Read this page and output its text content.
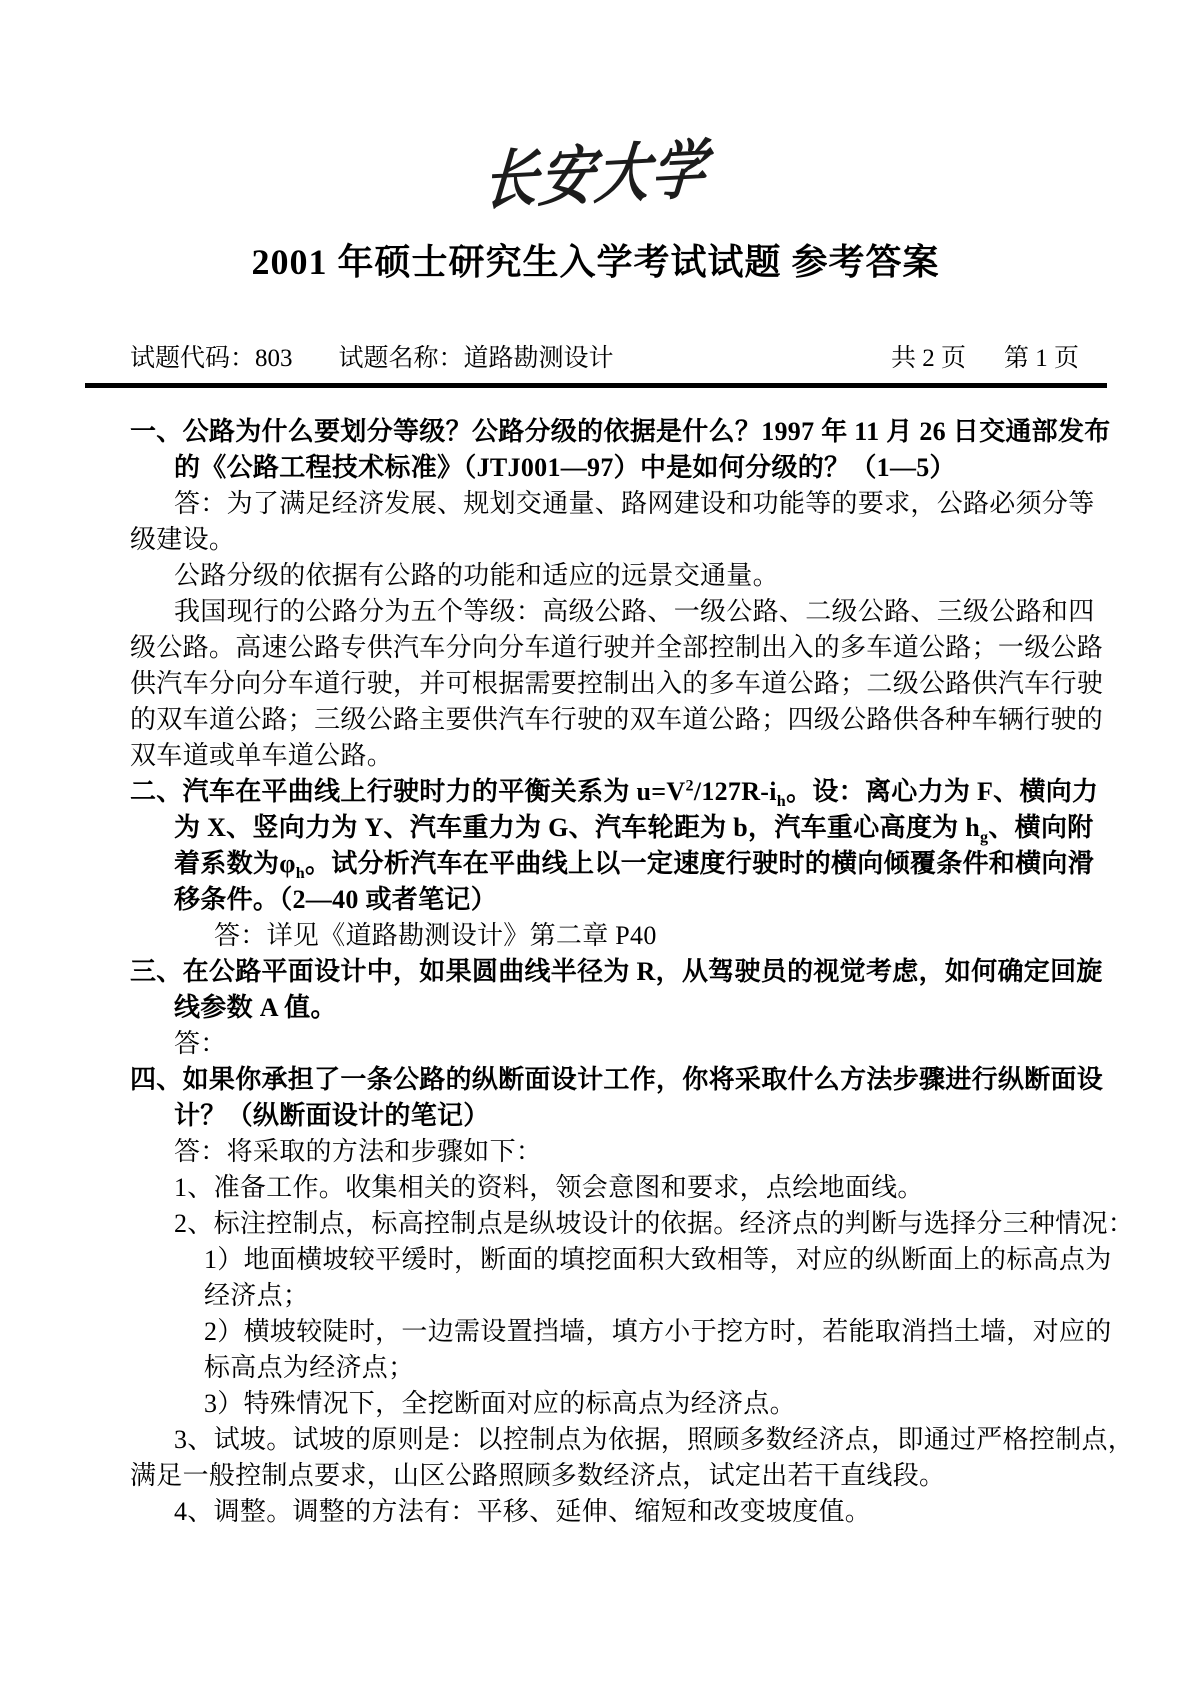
长安大学
2001 年硕士研究生入学考试试题 参考答案
试题代码：803 试题名称：道路勘测设计	共 2 页 第 1 页
一、公路为什么要划分等级？公路分级的依据是什么？1997 年 11 月 26 日交通部发布
的《公路工程技术标准》（JTJ001—97）中是如何分级的？（1—5）
答：为了满足经济发展、规划交通量、路网建设和功能等的要求，公路必须分等
级建设。
公路分级的依据有公路的功能和适应的远景交通量。
我国现行的公路分为五个等级：高级公路、一级公路、二级公路、三级公路和四
级公路。高速公路专供汽车分向分车道行驶并全部控制出入的多车道公路；一级公路
供汽车分向分车道行驶，并可根据需要控制出入的多车道公路；二级公路供汽车行驶
的双车道公路；三级公路主要供汽车行驶的双车道公路；四级公路供各种车辆行驶的
双车道或单车道公路。
二、汽车在平曲线上行驶时力的平衡关系为 $u=V^2/127R-i_h$。设：离心力为 F、横向力
为 X、竖向力为 Y、汽车重力为 G、汽车轮距为 b，汽车重心高度为 $h_g$、横向附
着系数为$\varphi_h$。试分析汽车在平曲线上以一定速度行驶时的横向倾覆条件和横向滑
移条件。（2—40 或者笔记）
答：详见《道路勘测设计》第二章 P40
三、在公路平面设计中，如果圆曲线半径为 R，从驾驶员的视觉考虑，如何确定回旋
线参数 A 值。
答：
四、如果你承担了一条公路的纵断面设计工作，你将采取什么方法步骤进行纵断面设
计？（纵断面设计的笔记）
答：将采取的方法和步骤如下：
1、准备工作。收集相关的资料，领会意图和要求，点绘地面线。
2、标注控制点，标高控制点是纵坡设计的依据。经济点的判断与选择分三种情况：
1）地面横坡较平缓时，断面的填挖面积大致相等，对应的纵断面上的标高点为
经济点；
2）横坡较陡时，一边需设置挡墙，填方小于挖方时，若能取消挡土墙，对应的
标高点为经济点；
3）特殊情况下，全挖断面对应的标高点为经济点。
3、试坡。试坡的原则是：以控制点为依据，照顾多数经济点，即通过严格控制点，
满足一般控制点要求，山区公路照顾多数经济点，试定出若干直线段。
4、调整。调整的方法有：平移、延伸、缩短和改变坡度值。
